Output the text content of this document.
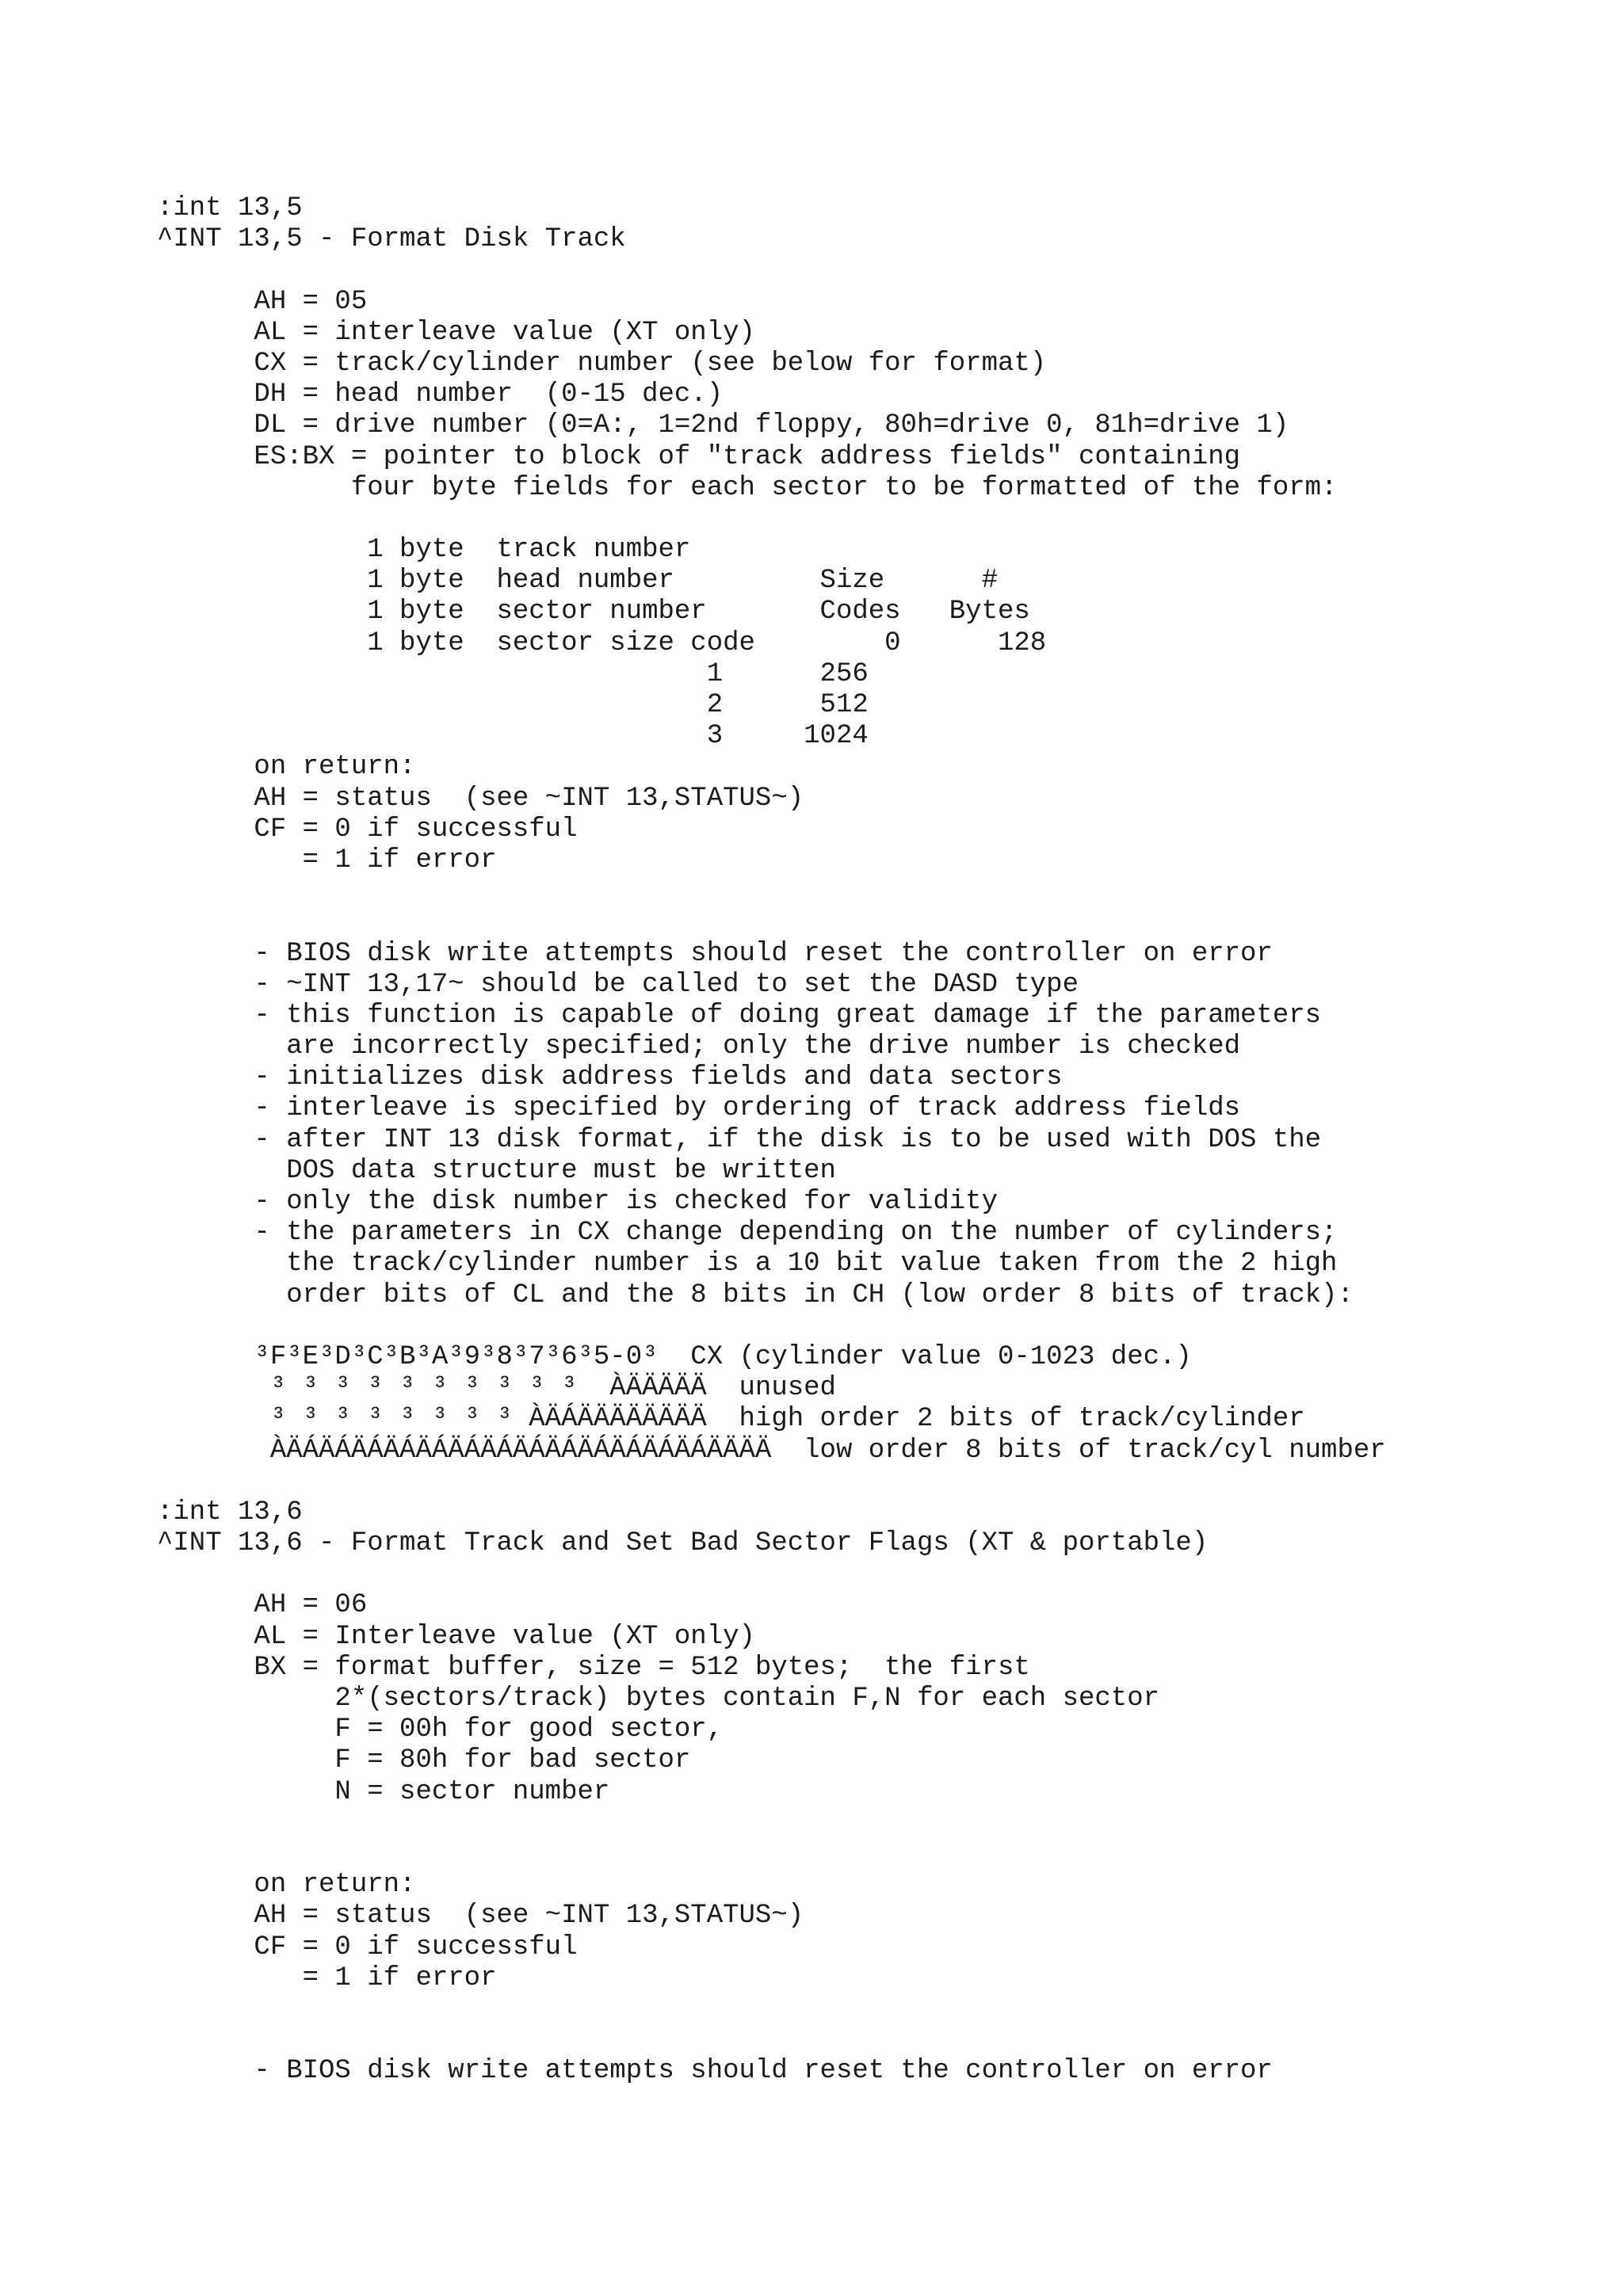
:int 13,5
^INT 13,5 - Format Disk Track
AH = 05
AL = interleave value (XT only)
CX = track/cylinder number (see below for format)
DH = head number  (0-15 dec.)
DL = drive number (0=A:, 1=2nd floppy, 80h=drive 0, 81h=drive 1)
ES:BX = pointer to block of "track address fields" containing
four byte fields for each sector to be formatted of the form:
1 byte  track number
1 byte  head number         Size      #
1 byte  sector number       Codes   Bytes
1 byte  sector size code        0      128
1      256
2      512
3     1024
on return:
AH = status  (see ~INT 13,STATUS~)
CF = 0 if successful
= 1 if error
- BIOS disk write attempts should reset the controller on error
- ~INT 13,17~ should be called to set the DASD type
- this function is capable of doing great damage if the parameters
are incorrectly specified; only the drive number is checked
- initializes disk address fields and data sectors
- interleave is specified by ordering of track address fields
- after INT 13 disk format, if the disk is to be used with DOS the
DOS data structure must be written
- only the disk number is checked for validity
- the parameters in CX change depending on the number of cylinders;
the track/cylinder number is a 10 bit value taken from the 2 high
order bits of CL and the 8 bits in CH (low order 8 bits of track):
³F³E³D³C³B³A³9³8³7³6³5-0³  CX (cylinder value 0-1023 dec.)
³ ³ ³ ³ ³ ³ ³ ³ ³ ³  ÀÄÄÄÄÄ  unused
³ ³ ³ ³ ³ ³ ³ ³ ÀÄÁÄÄÄÄÄÄÄÄ  high order 2 bits of track/cylinder
ÀÄÁÄÁÄÁÄÁÄÁÄÁÄÁÄÁÄÁÄÁÄÁÄÁÄÁÄÄÄÄ  low order 8 bits of track/cyl number
:int 13,6
^INT 13,6 - Format Track and Set Bad Sector Flags (XT & portable)
AH = 06
AL = Interleave value (XT only)
BX = format buffer, size = 512 bytes;  the first
2*(sectors/track) bytes contain F,N for each sector
F = 00h for good sector,
F = 80h for bad sector
N = sector number
on return:
AH = status  (see ~INT 13,STATUS~)
CF = 0 if successful
= 1 if error
- BIOS disk write attempts should reset the controller on error
